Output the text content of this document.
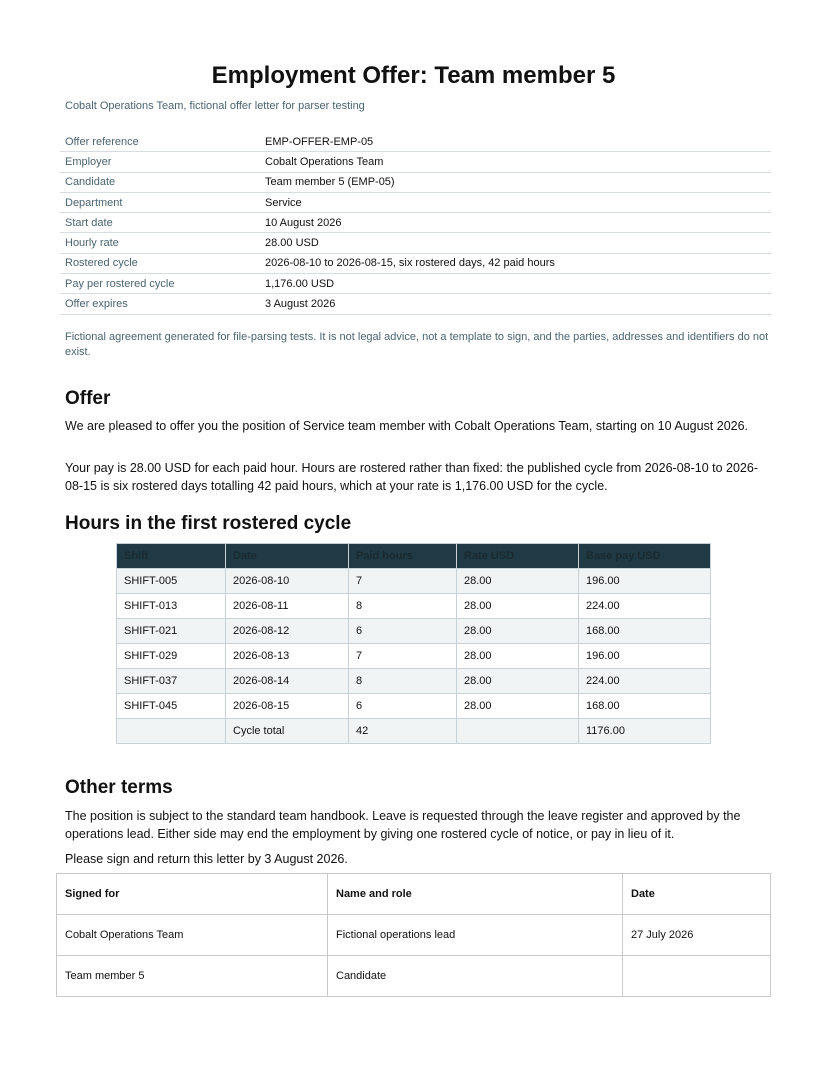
Employment Offer: Team member 5

Cobalt Operations Team, fictional offer letter for parser testing

Offer reference	EMP-OFFER-EMP-05
Employer	Cobalt Operations Team
Candidate	Team member 5 (EMP-05)
Department	Service
Start date	10 August 2026
Hourly rate	28.00 USD
Rostered cycle	2026-08-10 to 2026-08-15, six rostered days, 42 paid hours
Pay per rostered cycle	1,176.00 USD
Offer expires	3 August 2026

Fictional agreement generated for file-parsing tests. It is not legal advice, not a template to sign, and the parties, addresses and identifiers do not exist.

Offer

We are pleased to offer you the position of Service team member with Cobalt Operations Team, starting on 10 August 2026.

Your pay is 28.00 USD for each paid hour. Hours are rostered rather than fixed: the published cycle from 2026-08-10 to 2026-08-15 is six rostered days totalling 42 paid hours, which at your rate is 1,176.00 USD for the cycle.

Hours in the first rostered cycle
Shift	Date	Paid hours	Rate USD	Base pay USD
SHIFT-005	2026-08-10	7	28.00	196.00
SHIFT-013	2026-08-11	8	28.00	224.00
SHIFT-021	2026-08-12	6	28.00	168.00
SHIFT-029	2026-08-13	7	28.00	196.00
SHIFT-037	2026-08-14	8	28.00	224.00
SHIFT-045	2026-08-15	6	28.00	168.00
	Cycle total	42		1176.00
Other terms

The position is subject to the standard team handbook. Leave is requested through the leave register and approved by the operations lead. Either side may end the employment by giving one rostered cycle of notice, or pay in lieu of it.

Please sign and return this letter by 3 August 2026.

Signed for	Name and role	Date
Cobalt Operations Team	Fictional operations lead	27 July 2026
Team member 5	Candidate	
